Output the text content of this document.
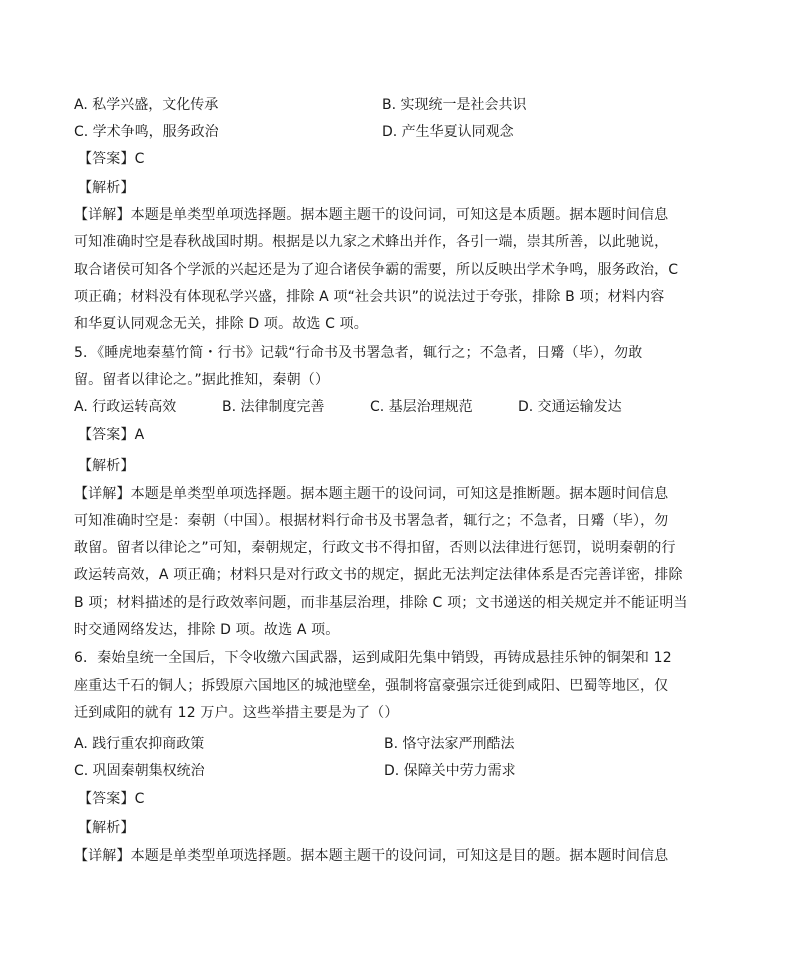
A. 私学兴盛，文化传承	B. 实现统一是社会共识
C. 学术争鸣，服务政治	D. 产生华夏认同观念
【答案】C
【解析】
【详解】本题是单类型单项选择题。据本题主题干的设问词，可知这是本质题。据本题时间信息
可知准确时空是春秋战国时期。根据是以九家之术蜂出并作，各引一端，崇其所善，以此驰说，
取合诸侯可知各个学派的兴起还是为了迎合诸侯争霸的需要，所以反映出学术争鸣，服务政治，C
项正确；材料没有体现私学兴盛，排除 A 项“社会共识”的说法过于夸张，排除 B 项；材料内容
和华夏认同观念无关，排除 D 项。故选 C 项。
5．《睡虎地秦墓竹简・行书》记载“行命书及书署急者，辄行之；不急者，日觱（毕），勿敢
留。留者以律论之。”据此推知，秦朝（）
A. 行政运转高效	B. 法律制度完善	C. 基层治理规范	D. 交通运输发达
【答案】A
【解析】
【详解】本题是单类型单项选择题。据本题主题干的设问词，可知这是推断题。据本题时间信息
可知准确时空是：秦朝（中国）。根据材料行命书及书署急者，辄行之；不急者，日觱（毕），勿
敢留。留者以律论之”可知，秦朝规定，行政文书不得扣留，否则以法律进行惩罚，说明秦朝的行
政运转高效，A 项正确；材料只是对行政文书的规定，据此无法判定法律体系是否完善详密，排除
B 项；材料描述的是行政效率问题，而非基层治理，排除 C 项；文书递送的相关规定并不能证明当
时交通网络发达，排除 D 项。故选 A 项。
6．秦始皇统一全国后，下令收缴六国武器，运到咸阳先集中销毁，再铸成悬挂乐钟的铜架和 12
座重达千石的铜人；拆毁原六国地区的城池壁垒，强制将富豪强宗迁徙到咸阳、巴蜀等地区，仅
迁到咸阳的就有 12 万户。这些举措主要是为了（）
A. 践行重农抑商政策	B. 恪守法家严刑酷法
C. 巩固秦朝集权统治	D. 保障关中劳力需求
【答案】C
【解析】
【详解】本题是单类型单项选择题。据本题主题干的设问词，可知这是目的题。据本题时间信息
